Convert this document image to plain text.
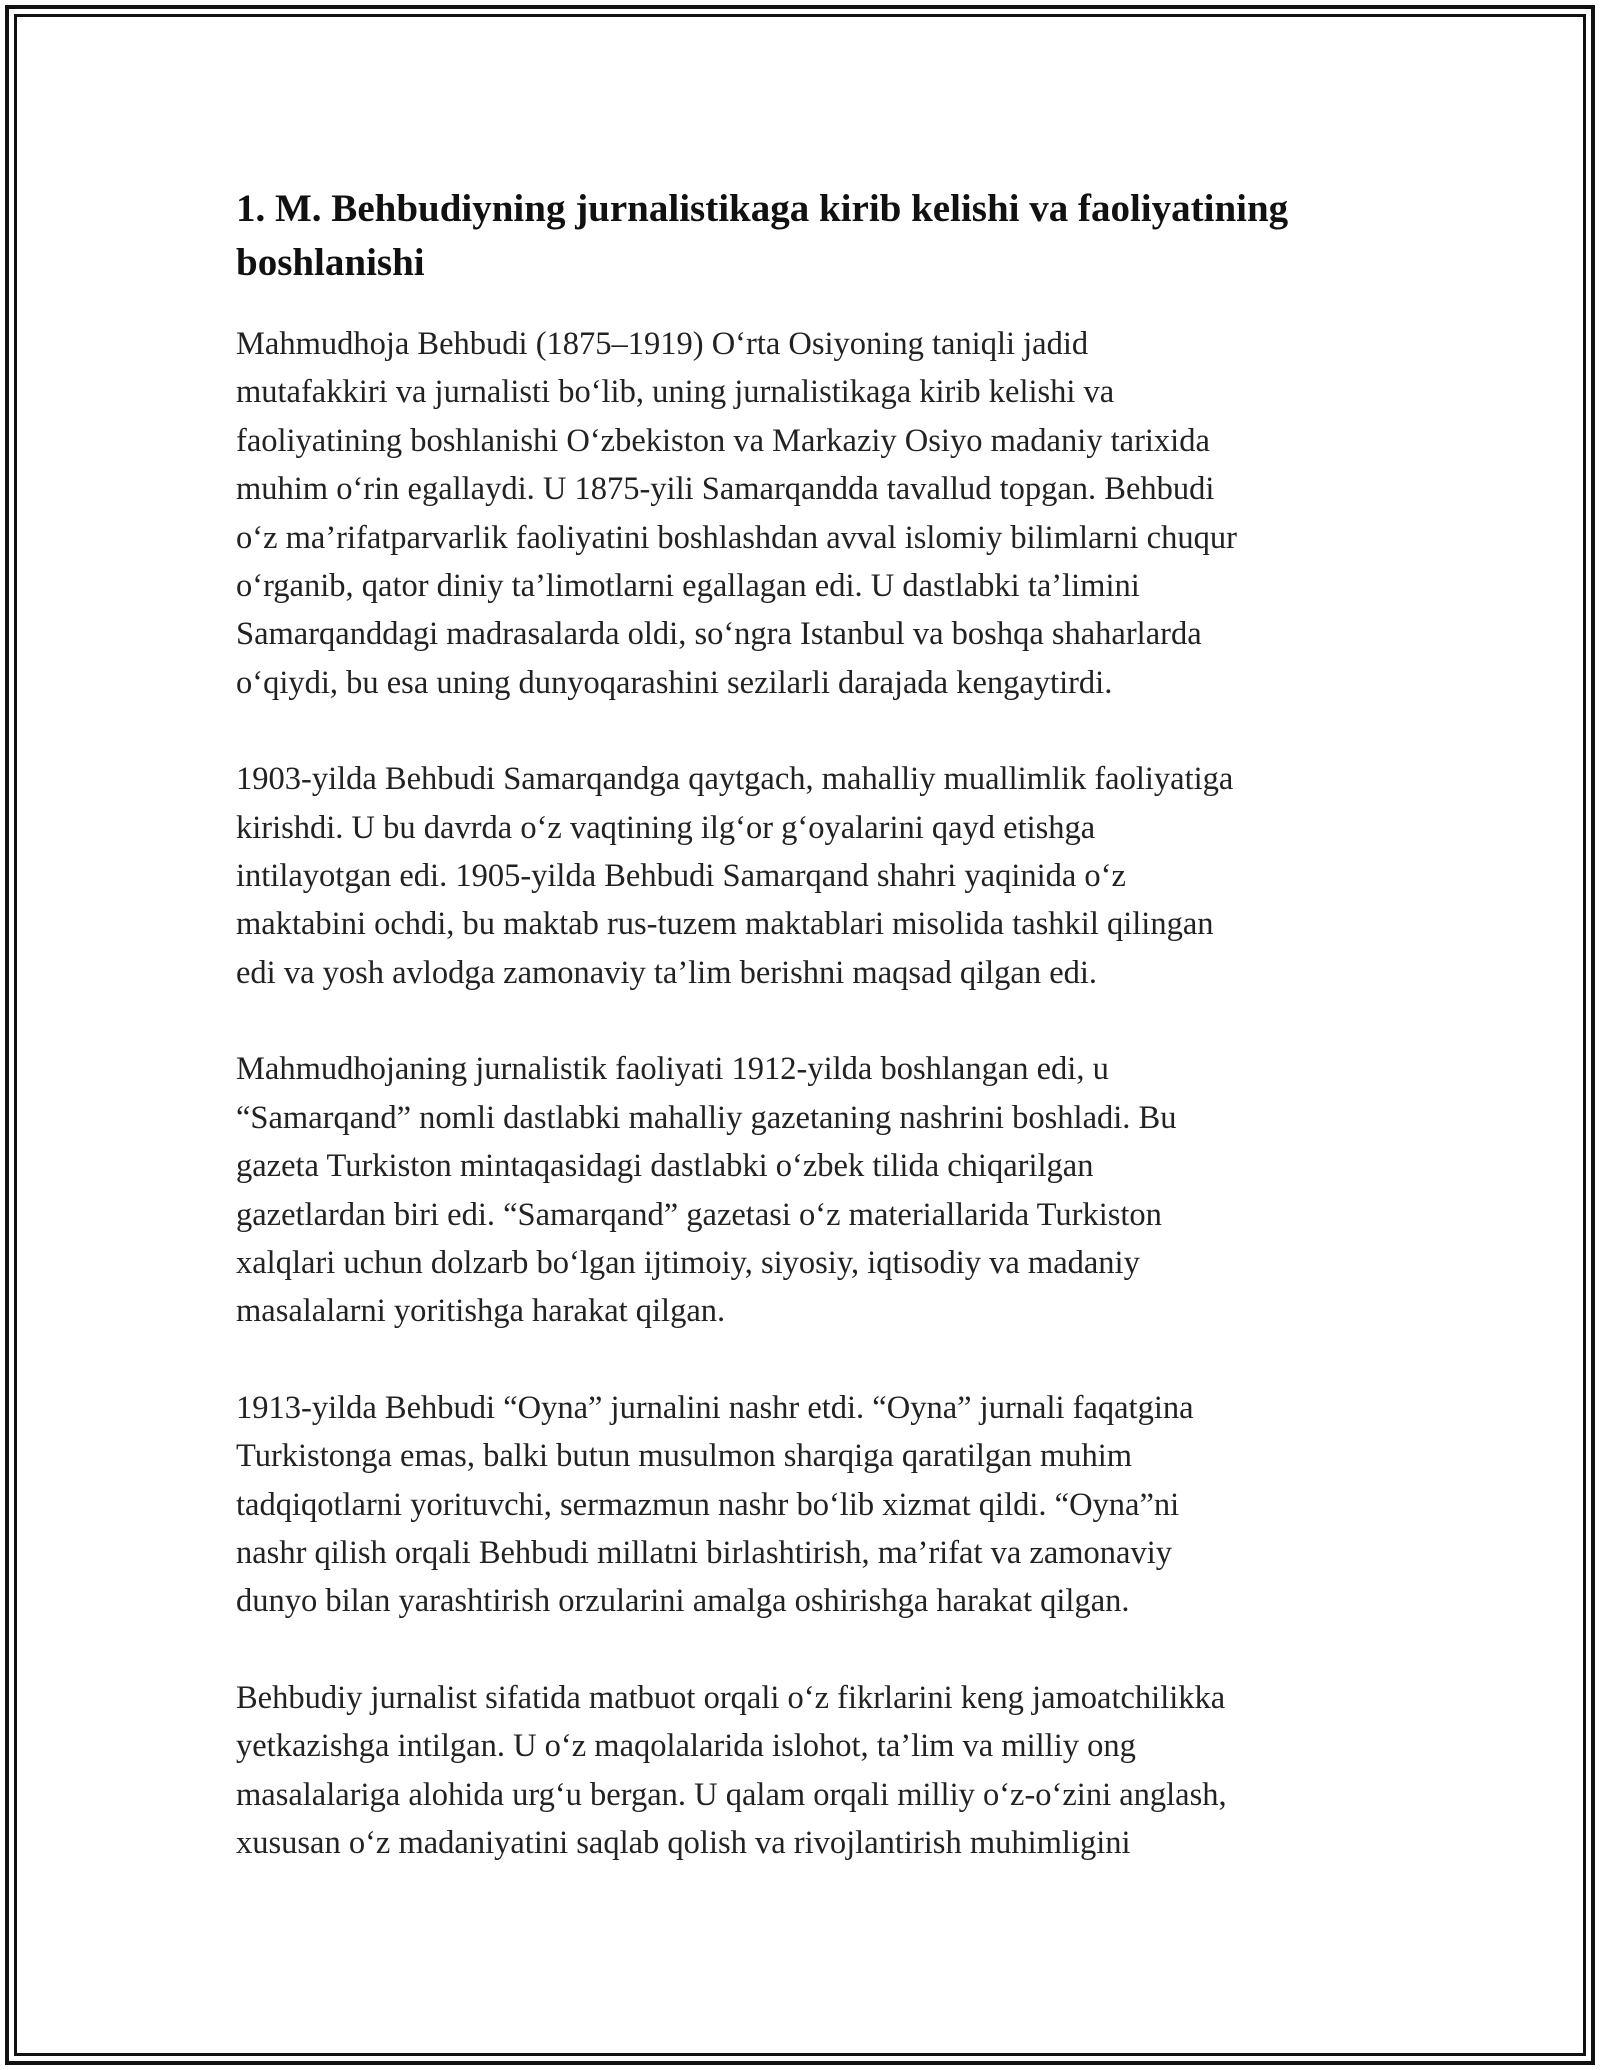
1. M. Behbudiyning jurnalistikaga kirib kelishi va faoliyatining
boshlanishi

Mahmudhoja Behbudi (1875–1919) O‘rta Osiyoning taniqli jadid
mutafakkiri va jurnalisti bo‘lib, uning jurnalistikaga kirib kelishi va
faoliyatining boshlanishi O‘zbekiston va Markaziy Osiyo madaniy tarixida
muhim o‘rin egallaydi. U 1875-yili Samarqandda tavallud topgan. Behbudi
o‘z ma’rifatparvarlik faoliyatini boshlashdan avval islomiy bilimlarni chuqur
o‘rganib, qator diniy ta’limotlarni egallagan edi. U dastlabki ta’limini
Samarqanddagi madrasalarda oldi, so‘ngra Istanbul va boshqa shaharlarda
o‘qiydi, bu esa uning dunyoqarashini sezilarli darajada kengaytirdi.

1903-yilda Behbudi Samarqandga qaytgach, mahalliy muallimlik faoliyatiga
kirishdi. U bu davrda o‘z vaqtining ilg‘or g‘oyalarini qayd etishga
intilayotgan edi. 1905-yilda Behbudi Samarqand shahri yaqinida o‘z
maktabini ochdi, bu maktab rus-tuzem maktablari misolida tashkil qilingan
edi va yosh avlodga zamonaviy ta’lim berishni maqsad qilgan edi.

Mahmudhojaning jurnalistik faoliyati 1912-yilda boshlangan edi, u
“Samarqand” nomli dastlabki mahalliy gazetaning nashrini boshladi. Bu
gazeta Turkiston mintaqasidagi dastlabki o‘zbek tilida chiqarilgan
gazetlardan biri edi. “Samarqand” gazetasi o‘z materiallarida Turkiston
xalqlari uchun dolzarb bo‘lgan ijtimoiy, siyosiy, iqtisodiy va madaniy
masalalarni yoritishga harakat qilgan.

1913-yilda Behbudi “Oyna” jurnalini nashr etdi. “Oyna” jurnali faqatgina
Turkistonga emas, balki butun musulmon sharqiga qaratilgan muhim
tadqiqotlarni yorituvchi, sermazmun nashr bo‘lib xizmat qildi. “Oyna”ni
nashr qilish orqali Behbudi millatni birlashtirish, ma’rifat va zamonaviy
dunyo bilan yarashtirish orzularini amalga oshirishga harakat qilgan.

Behbudiy jurnalist sifatida matbuot orqali o‘z fikrlarini keng jamoatchilikka
yetkazishga intilgan. U o‘z maqolalarida islohot, ta’lim va milliy ong
masalalariga alohida urg‘u bergan. U qalam orqali milliy o‘z-o‘zini anglash,
xususan o‘z madaniyatini saqlab qolish va rivojlantirish muhimligini
